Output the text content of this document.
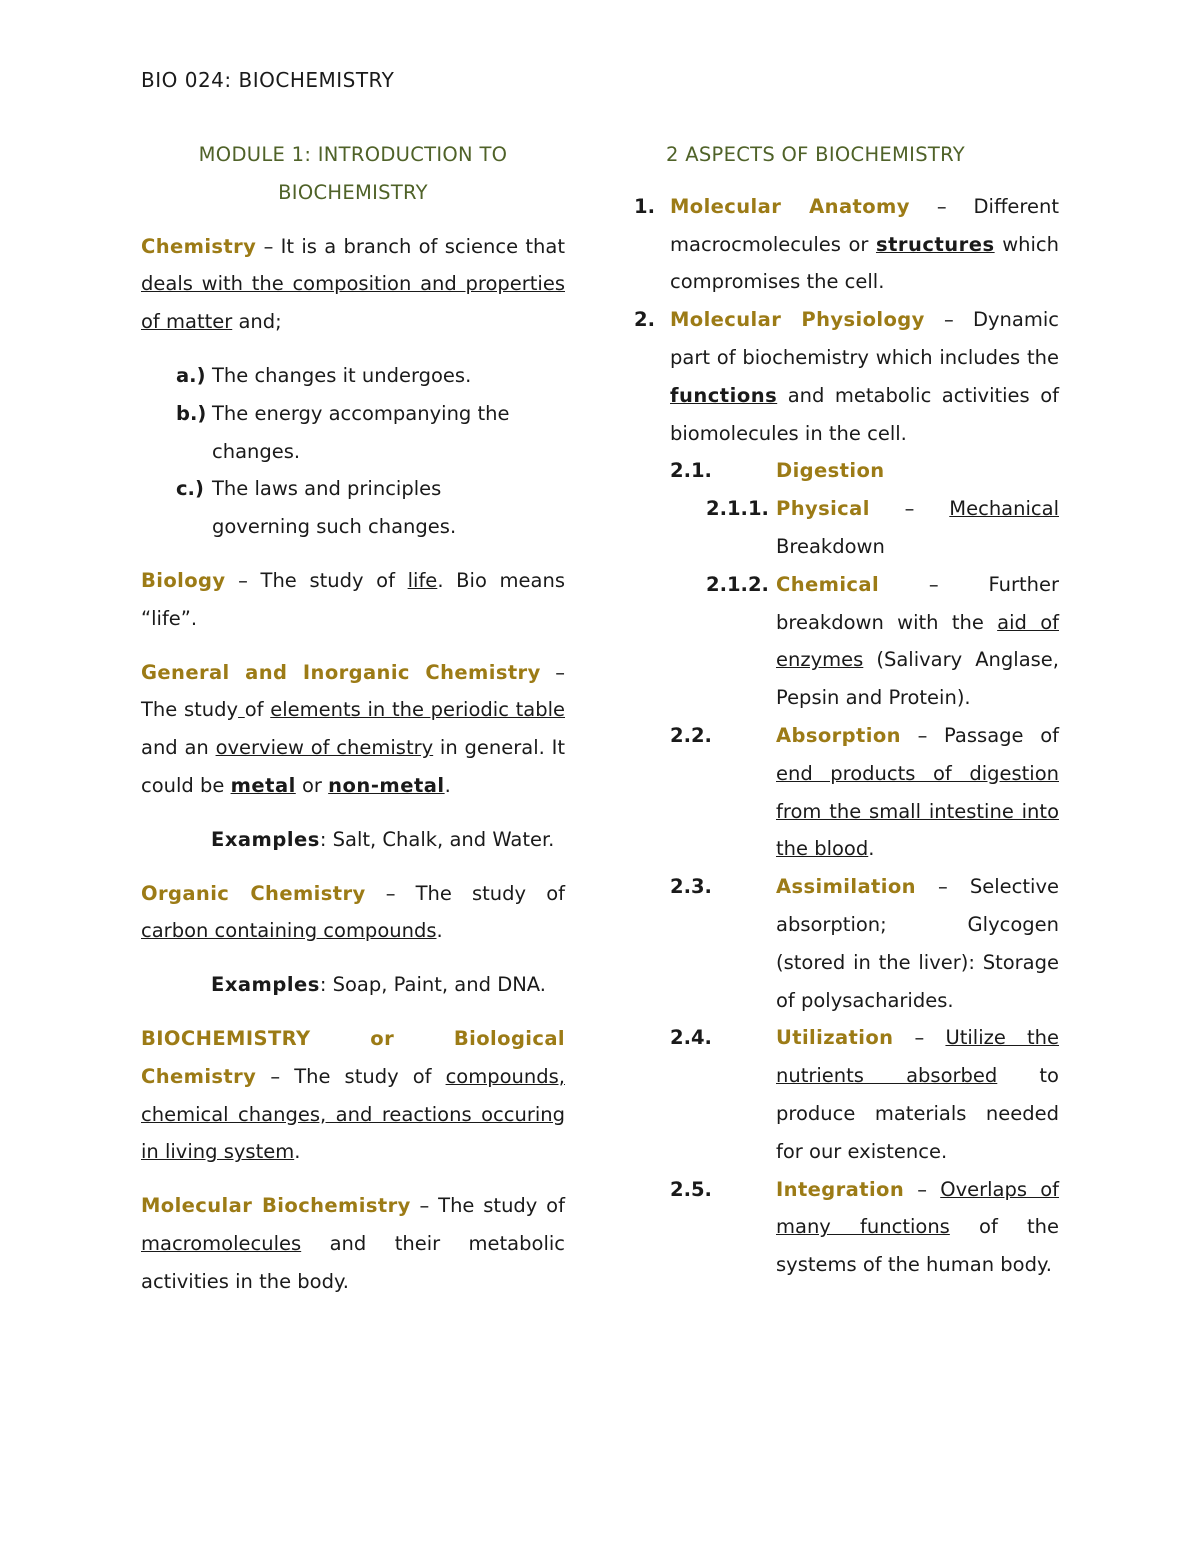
BIO 024: BIOCHEMISTRY
MODULE 1: INTRODUCTION TO
BIOCHEMISTRY

Chemistry – It is a branch of science that deals with the composition and properties of matter and;

a.) The changes it undergoes.
b.) The energy accompanying the changes.
c.) The laws and principles governing such changes.

Biology – The study of life. Bio means “life”.

General and Inorganic Chemistry – The study of elements in the periodic table and an overview of chemistry in general. It could be metal or non-metal.

Examples: Salt, Chalk, and Water.

Organic Chemistry – The study of carbon containing compounds.

Examples: Soap, Paint, and DNA.

BIOCHEMISTRY or Biological Chemistry – The study of compounds, chemical changes, and reactions occuring in living system.

Molecular Biochemistry – The study of macromolecules and their metabolic activities in the body.

2 ASPECTS OF BIOCHEMISTRY
1. Molecular Anatomy – Different macrocmolecules or structures which compromises the cell.
2. Molecular Physiology – Dynamic part of biochemistry which includes the functions and metabolic activities of biomolecules in the cell.
2.1.	Digestion
2.1.1. Physical – Mechanical Breakdown
2.1.2. Chemical – Further breakdown with the aid of enzymes (Salivary Anglase, Pepsin and Protein).
2.2.	Absorption – Passage of end products of digestion from the small intestine into the blood.
2.3.	Assimilation – Selective absorption; Glycogen (stored in the liver): Storage of polysacharides.
2.4.	Utilization – Utilize the nutrients absorbed to produce materials needed for our existence.
2.5.	Integration – Overlaps of many functions of the systems of the human body.
